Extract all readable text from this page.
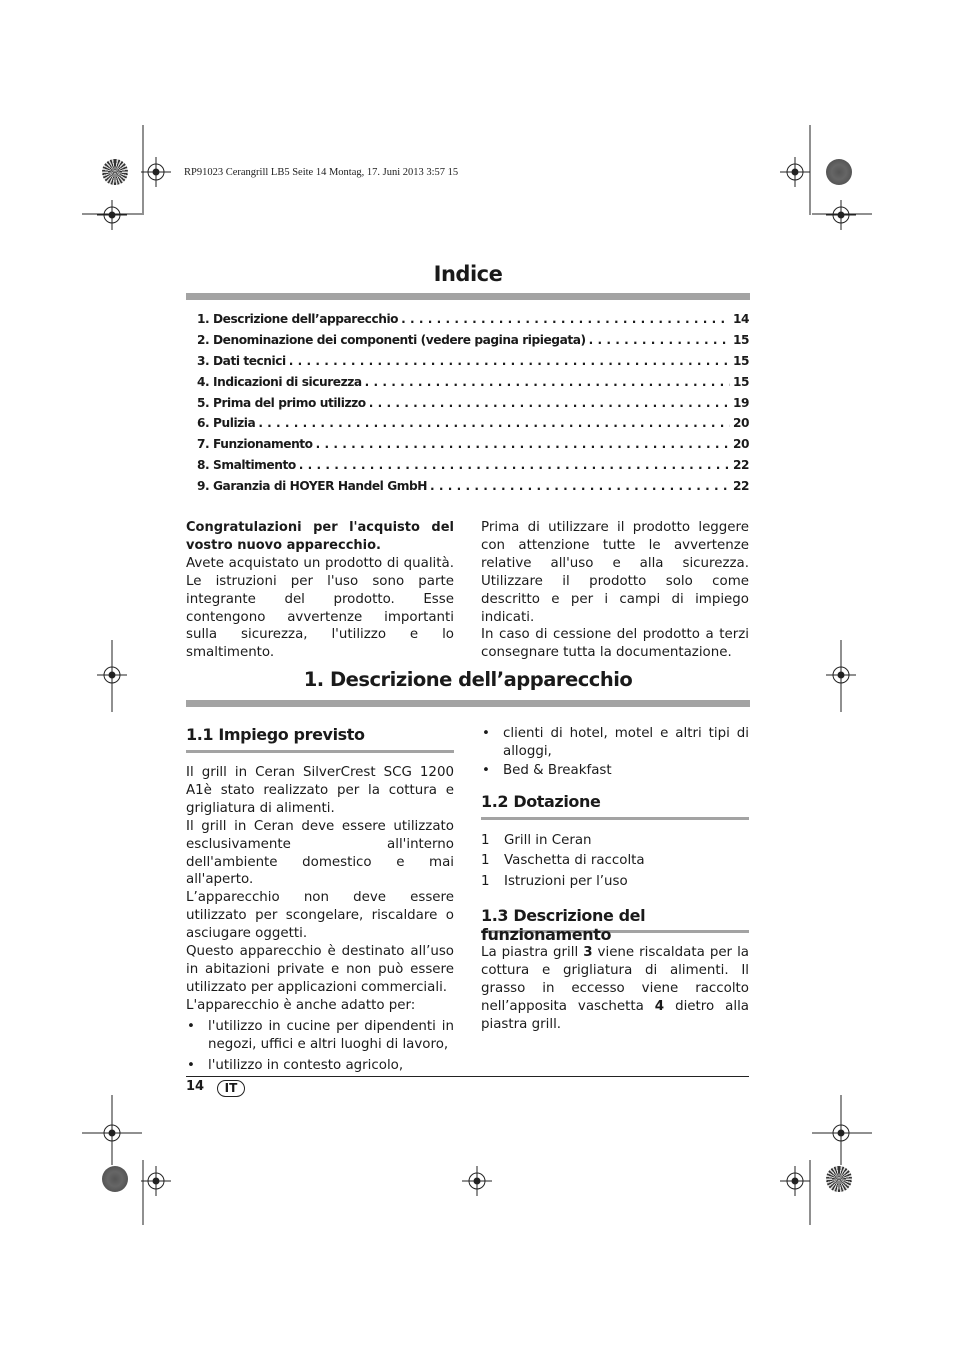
RP91023 Cerangrill LB5 Seite 14 Montag, 17. Juni 2013 3:57 15
Indice
1. Descrizione dell’apparecchio . . .	14
2. Denominazione dei componenti (vedere pagina ripiegata) . . .	15
3. Dati tecnici . . .	15
4. Indicazioni di sicurezza . . .	15
5. Prima del primo utilizzo . . .	19
6. Pulizia . . .	20
7. Funzionamento . . .	20
8. Smaltimento . . .	22
9. Garanzia di HOYER Handel GmbH . . .	22

Congratulazioni per l'acquisto del vostro nuovo apparecchio.

Avete acquistato un prodotto di qualità. Le istruzioni per l'uso sono parte integrante del prodotto. Esse contengono avvertenze importanti sulla sicurezza, l'utilizzo e lo smaltimento.

Prima di utilizzare il prodotto leggere con attenzione tutte le avvertenze relative all'uso e alla sicurezza. Utilizzare il prodotto solo come descritto e per i campi di impiego indicati.

In caso di cessione del prodotto a terzi consegnare tutta la documentazione.

1. Descrizione dell’apparecchio
1.1 Impiego previsto

Il grill in Ceran SilverCrest SCG 1200 A1è stato realizzato per la cottura e grigliatura di alimenti.

Il grill in Ceran deve essere utilizzato esclusivamente all'interno dell'ambiente domestico e mai all'aperto.

L’apparecchio non deve essere utilizzato per scongelare, riscaldare o asciugare oggetti.

Questo apparecchio è destinato all’uso in abitazioni private e non può essere utilizzato per applicazioni commerciali.

L'apparecchio è anche adatto per:

• l'utilizzo in cucine per dipendenti in negozi, uffici e altri luoghi di lavoro,
• l'utilizzo in contesto agricolo,
• clienti di hotel, motel e altri tipi di alloggi,
• Bed & Breakfast
1.2 Dotazione
1	Grill in Ceran
1	Vaschetta di raccolta
1	Istruzioni per l’uso
1.3 Descrizione del funzionamento

La piastra grill 3 viene riscaldata per la cottura e grigliatura di alimenti. Il grasso in eccesso viene raccolto nell’apposita vaschetta 4 dietro alla piastra grill.

14	IT
